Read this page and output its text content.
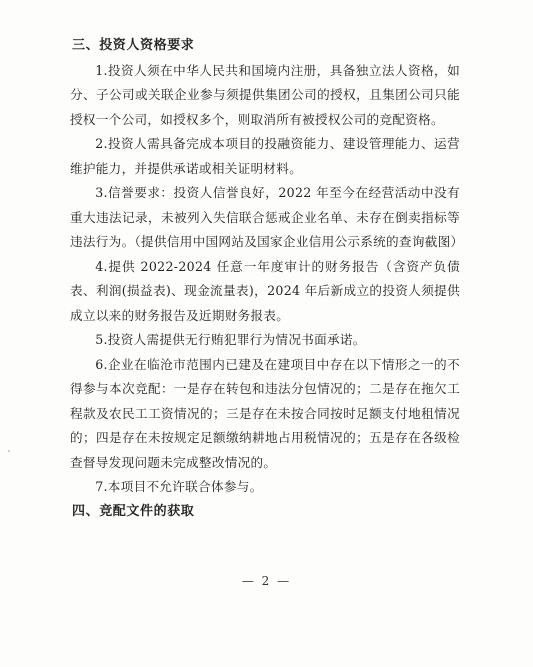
三、投资人资格要求

1.投资人须在中华人民共和国境内注册，具备独立法人资格，如分、子公司或关联企业参与须提供集团公司的授权，且集团公司只能授权一个公司，如授权多个，则取消所有被授权公司的竞配资格。

2.投资人需具备完成本项目的投融资能力、建设管理能力、运营维护能力，并提供承诺或相关证明材料。

3.信誉要求：投资人信誉良好，2022 年至今在经营活动中没有重大违法记录，未被列入失信联合惩戒企业名单、未存在倒卖指标等违法行为。（提供信用中国网站及国家企业信用公示系统的查询截图）

4.提供 2022-2024 任意一年度审计的财务报告（含资产负债表、利润(损益表)、现金流量表)，2024 年后新成立的投资人须提供成立以来的财务报告及近期财务报表。

5.投资人需提供无行贿犯罪行为情况书面承诺。

6.企业在临沧市范围内已建及在建项目中存在以下情形之一的不得参与本次竞配：一是存在转包和违法分包情况的；二是存在拖欠工程款及农民工工资情况的；三是存在未按合同按时足额支付地租情况的；四是存在未按规定足额缴纳耕地占用税情况的；五是存在各级检查督导发现问题未完成整改情况的。

7.本项目不允许联合体参与。

四、竞配文件的获取

— 2 —
